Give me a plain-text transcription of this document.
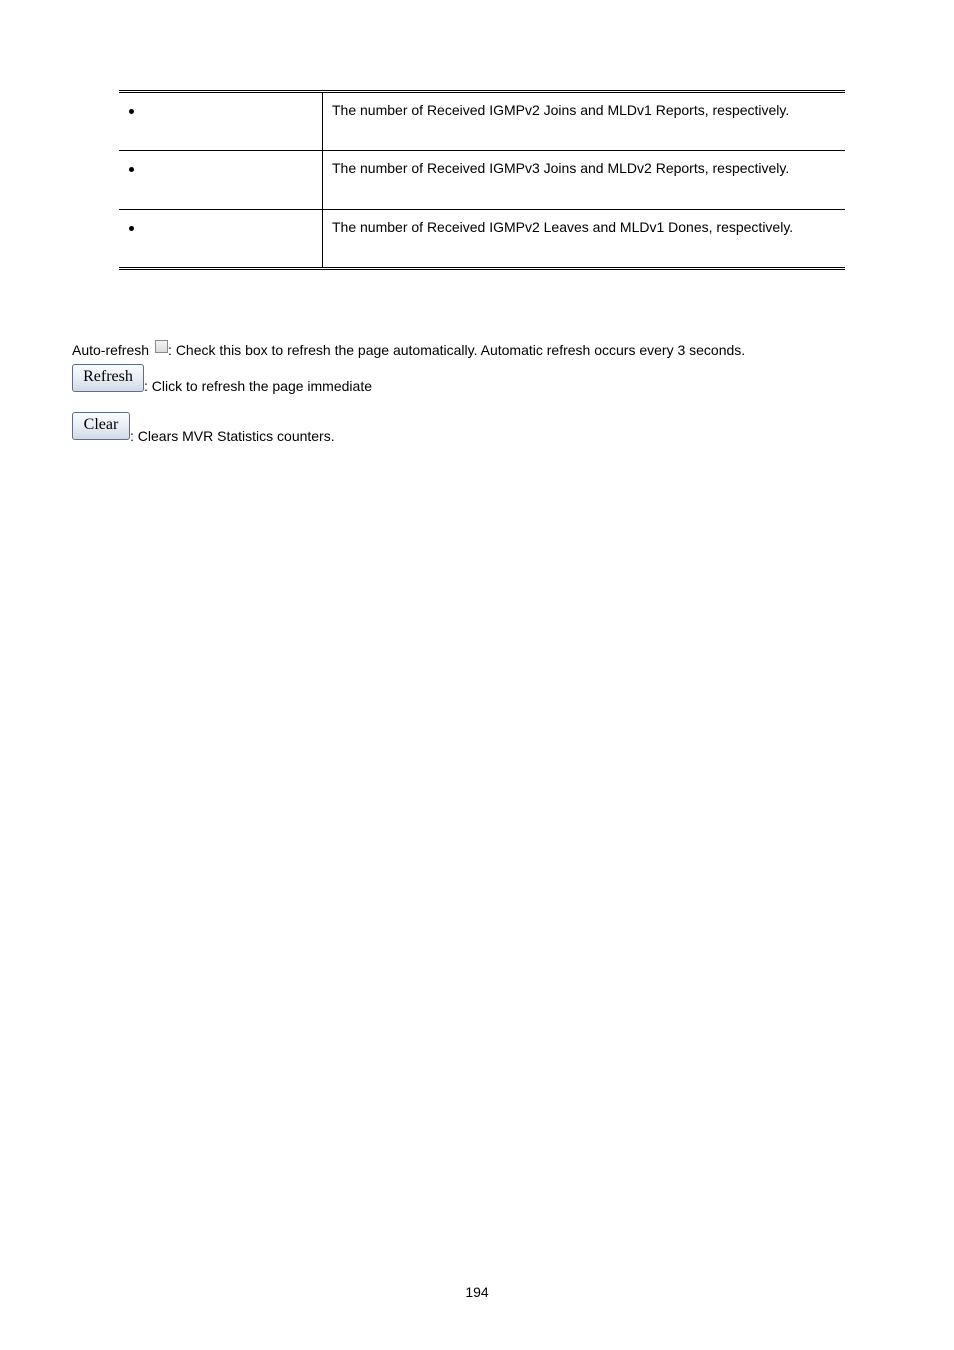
	The number of Received IGMPv2 Joins and MLDv1 Reports, respectively.
	The number of Received IGMPv3 Joins and MLDv2 Reports, respectively.
	The number of Received IGMPv2 Leaves and MLDv1 Dones, respectively.
Auto-refresh : Check this box to refresh the page automatically. Automatic refresh occurs every 3 seconds.
Refresh: Click to refresh the page immediate
Clear: Clears MVR Statistics counters.
194
